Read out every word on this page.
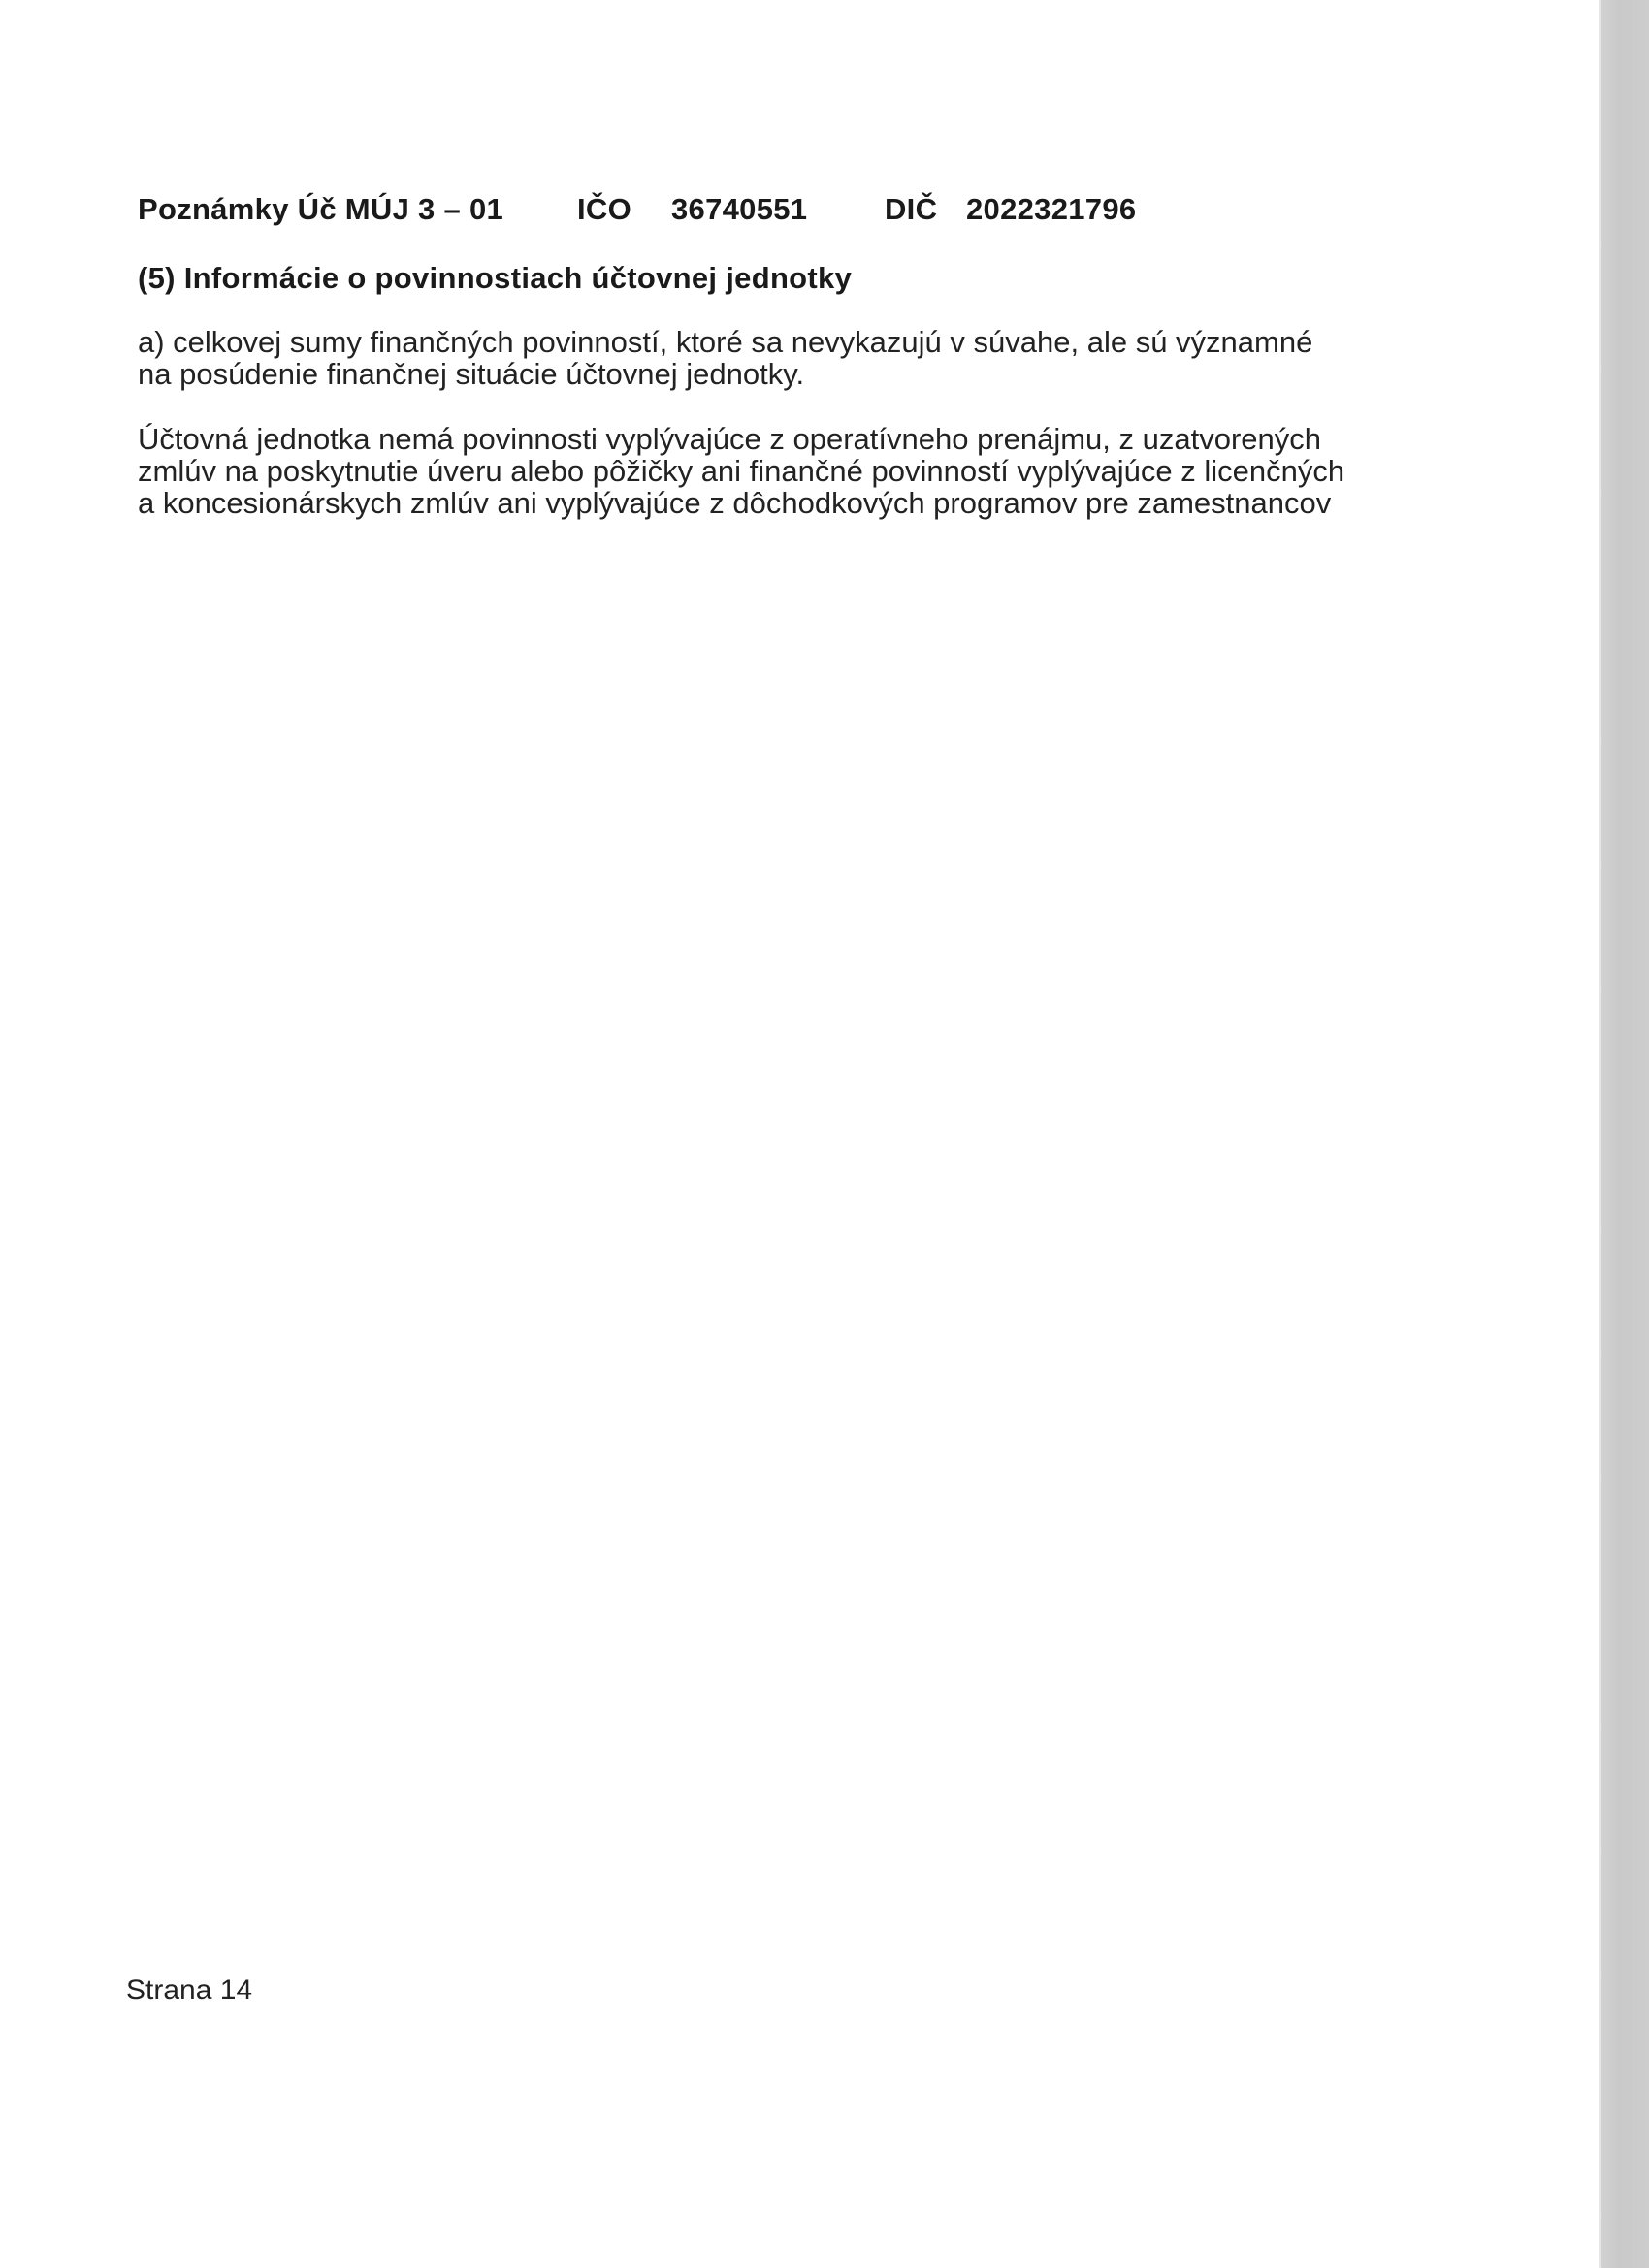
Poznámky Úč MÚJ 3 – 01 IČO 36740551	DIČ 2022321796
(5) Informácie o povinnostiach účtovnej jednotky
a) celkovej sumy finančných povinností, ktoré sa nevykazujú v súvahe, ale sú významné
na posúdenie finančnej situácie účtovnej jednotky.
Účtovná jednotka nemá povinnosti vyplývajúce z operatívneho prenájmu, z uzatvorených
zmlúv na poskytnutie úveru alebo pôžičky ani finančné povinností vyplývajúce z licenčných
a koncesionárskych zmlúv ani vyplývajúce z dôchodkových programov pre zamestnancov
Strana 14
